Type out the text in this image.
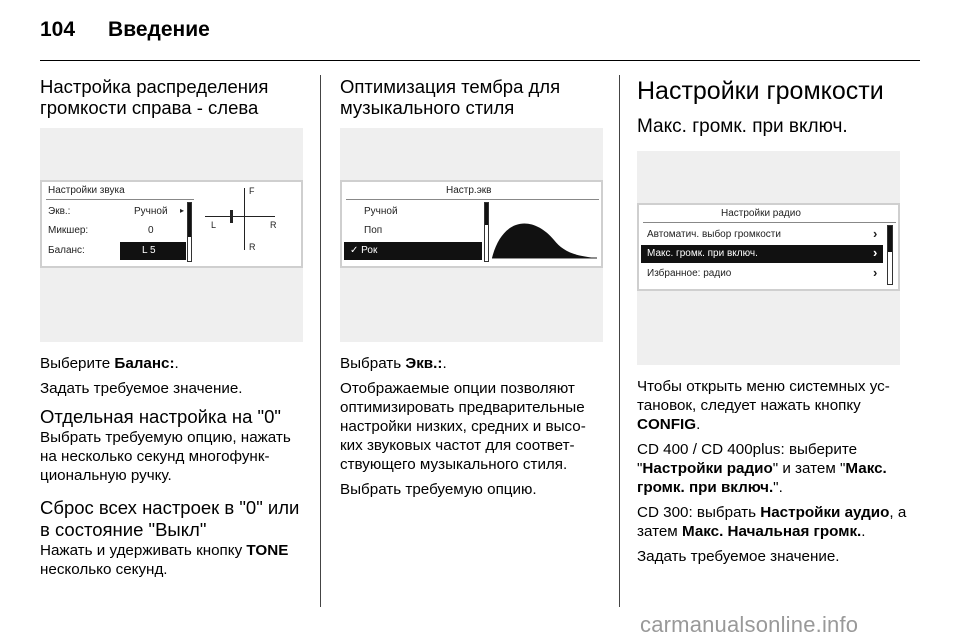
104 Введение
Настройка распределения громкости справа - слева
Настройки звука
Экв.:	Ручной ▸
Микшер:	0
Баланс:	L 5
F
R
L	R
Выберите Баланс:.
Задать требуемое значение.
Отдельная настройка на "0"
Выбрать требуемую опцию, нажать на несколько секунд многофунк-циональную ручку.
Сброс всех настроек в "0" или в состояние "Выкл"
Нажать и удерживать кнопку TONE несколько секунд.
Оптимизация тембра для музыкального стиля
Настр.экв
Ручной
Поп
✓ Рок
Выбрать Экв.:.
Отображаемые опции позволяют оптимизировать предварительные настройки низких, средних и высо-ких звуковых частот для соответ-ствующего музыкального стиля.
Выбрать требуемую опцию.
Настройки громкости
Макс. громк. при включ.
Настройки радио
Автоматич. выбор громкости	›
Макс. громк. при включ.	›
Избранное: радио	›
Чтобы открыть меню системных ус-тановок, следует нажать кнопку CONFIG.
CD 400 / CD 400plus: выберите "Настройки радио" и затем "Макс. громк. при включ.".
CD 300: выбрать Настройки аудио, а затем Макс. Начальная громк..
Задать требуемое значение.
carmanualsonline.info
